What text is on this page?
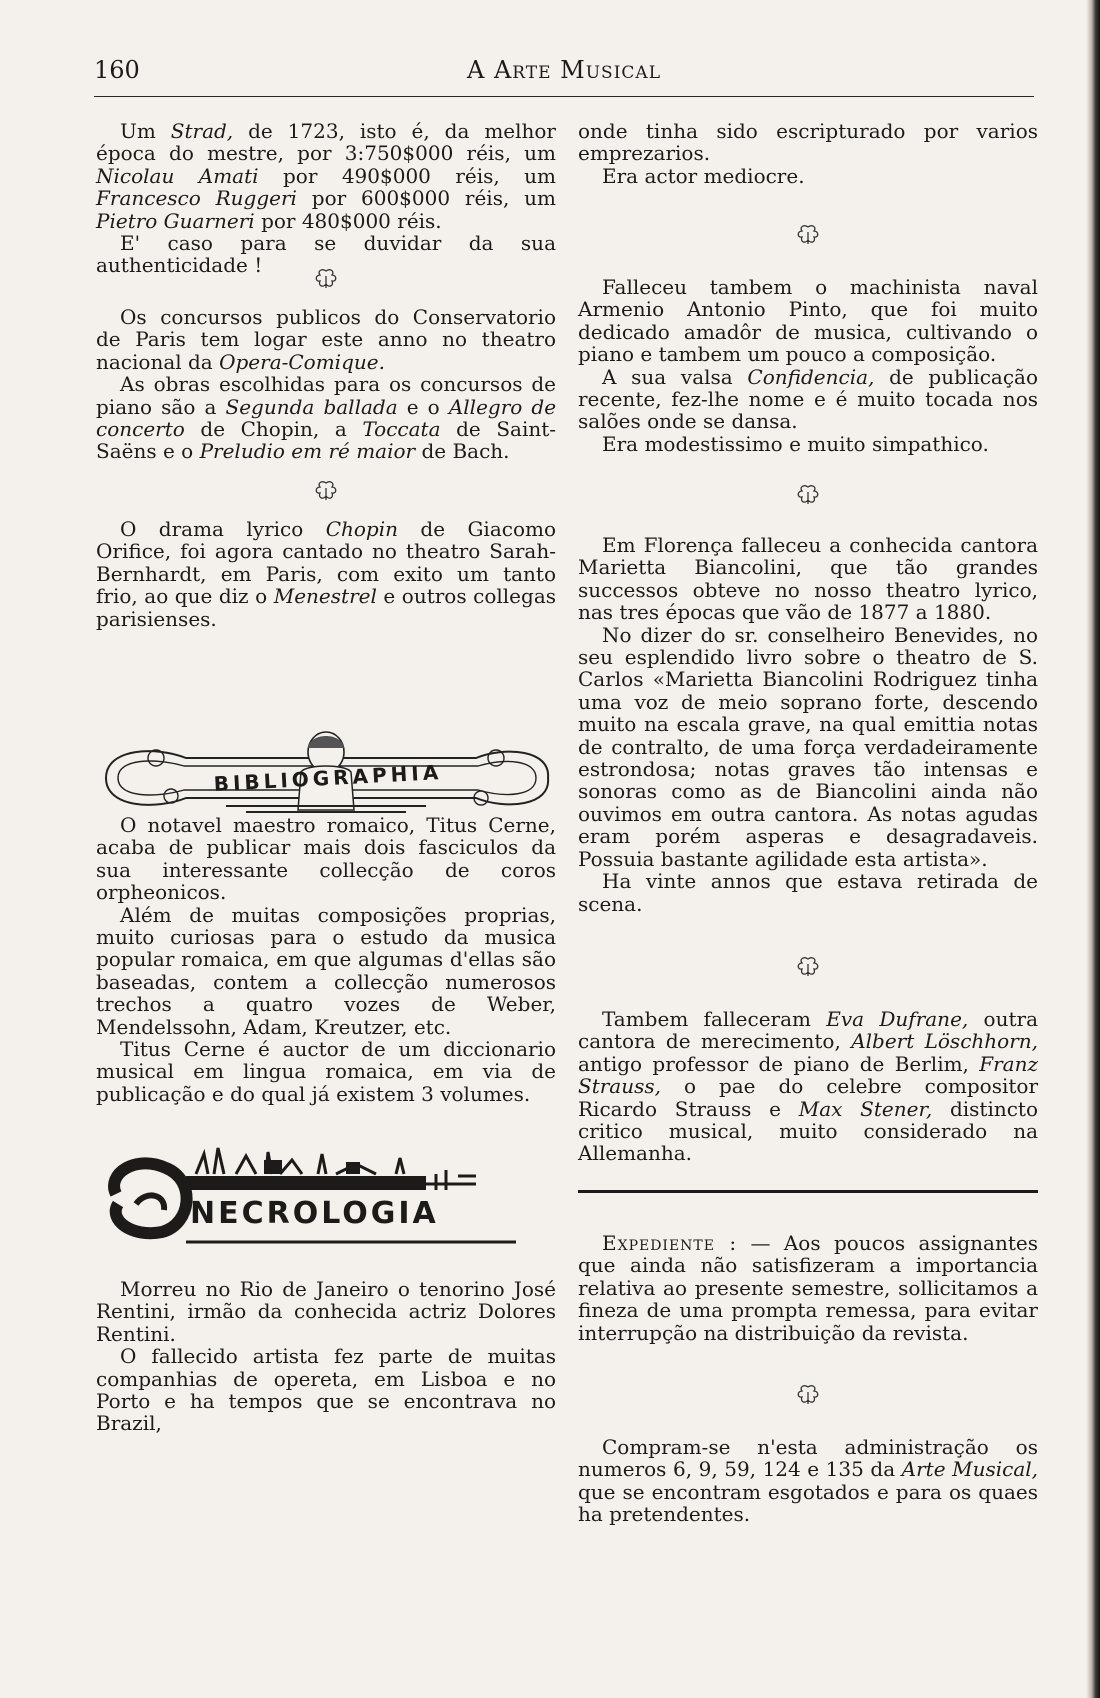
160	A Arte Musical

Um Strad, de 1723, isto é, da melhor época do mestre, por 3:750$000 réis, um Nicolau Amati por 490$000 réis, um Francesco Ruggeri por 600$000 réis, um Pietro Guarneri por 480$000 réis.

E' caso para se duvidar da sua authenticidade !

Os concursos publicos do Conservatorio de Paris tem logar este anno no theatro nacional da Opera-Comique.

As obras escolhidas para os concursos de piano são a Segunda ballada e o Allegro de concerto de Chopin, a Toccata de Saint-Saëns e o Preludio em ré maior de Bach.

O drama lyrico Chopin de Giacomo Orifice, foi agora cantado no theatro Sarah-Bernhardt, em Paris, com exito um tanto frio, ao que diz o Menestrel e outros collegas parisienses.

BIBLIOGRAPHIA

O notavel maestro romaico, Titus Cerne, acaba de publicar mais dois fasciculos da sua interessante collecção de coros orpheonicos.

Além de muitas composições proprias, muito curiosas para o estudo da musica popular romaica, em que algumas d'ellas são baseadas, contem a collecção numerosos trechos a quatro vozes de Weber, Mendelssohn, Adam, Kreutzer, etc.

Titus Cerne é auctor de um diccionario musical em lingua romaica, em via de publicação e do qual já existem 3 volumes.

NECROLOGIA

Morreu no Rio de Janeiro o tenorino José Rentini, irmão da conhecida actriz Dolores Rentini.

O fallecido artista fez parte de muitas companhias de opereta, em Lisboa e no Porto e ha tempos que se encontrava no Brazil,

onde tinha sido escripturado por varios emprezarios.

Era actor mediocre.

Falleceu tambem o machinista naval Armenio Antonio Pinto, que foi muito dedicado amadôr de musica, cultivando o piano e tambem um pouco a composição.

A sua valsa Confidencia, de publicação recente, fez-lhe nome e é muito tocada nos salões onde se dansa.

Era modestissimo e muito simpathico.

Em Florença falleceu a conhecida cantora Marietta Biancolini, que tão grandes successos obteve no nosso theatro lyrico, nas tres épocas que vão de 1877 a 1880.

No dizer do sr. conselheiro Benevides, no seu esplendido livro sobre o theatro de S. Carlos «Marietta Biancolini Rodriguez tinha uma voz de meio soprano forte, descendo muito na escala grave, na qual emittia notas de contralto, de uma força verdadeiramente estrondosa; notas graves tão intensas e sonoras como as de Biancolini ainda não ouvimos em outra cantora. As notas agudas eram porém asperas e desagradaveis. Possuia bastante agilidade esta artista».

Ha vinte annos que estava retirada de scena.

Tambem falleceram Eva Dufrane, outra cantora de merecimento, Albert Löschhorn, antigo professor de piano de Berlim, Franz Strauss, o pae do celebre compositor Ricardo Strauss e Max Stener, distincto critico musical, muito considerado na Allemanha.

Expediente : — Aos poucos assignantes que ainda não satisfizeram a importancia relativa ao presente semestre, sollicitamos a fineza de uma prompta remessa, para evitar interrupção na distribuição da revista.

Compram-se n'esta administração os numeros 6, 9, 59, 124 e 135 da Arte Musical, que se encontram esgotados e para os quaes ha pretendentes.
